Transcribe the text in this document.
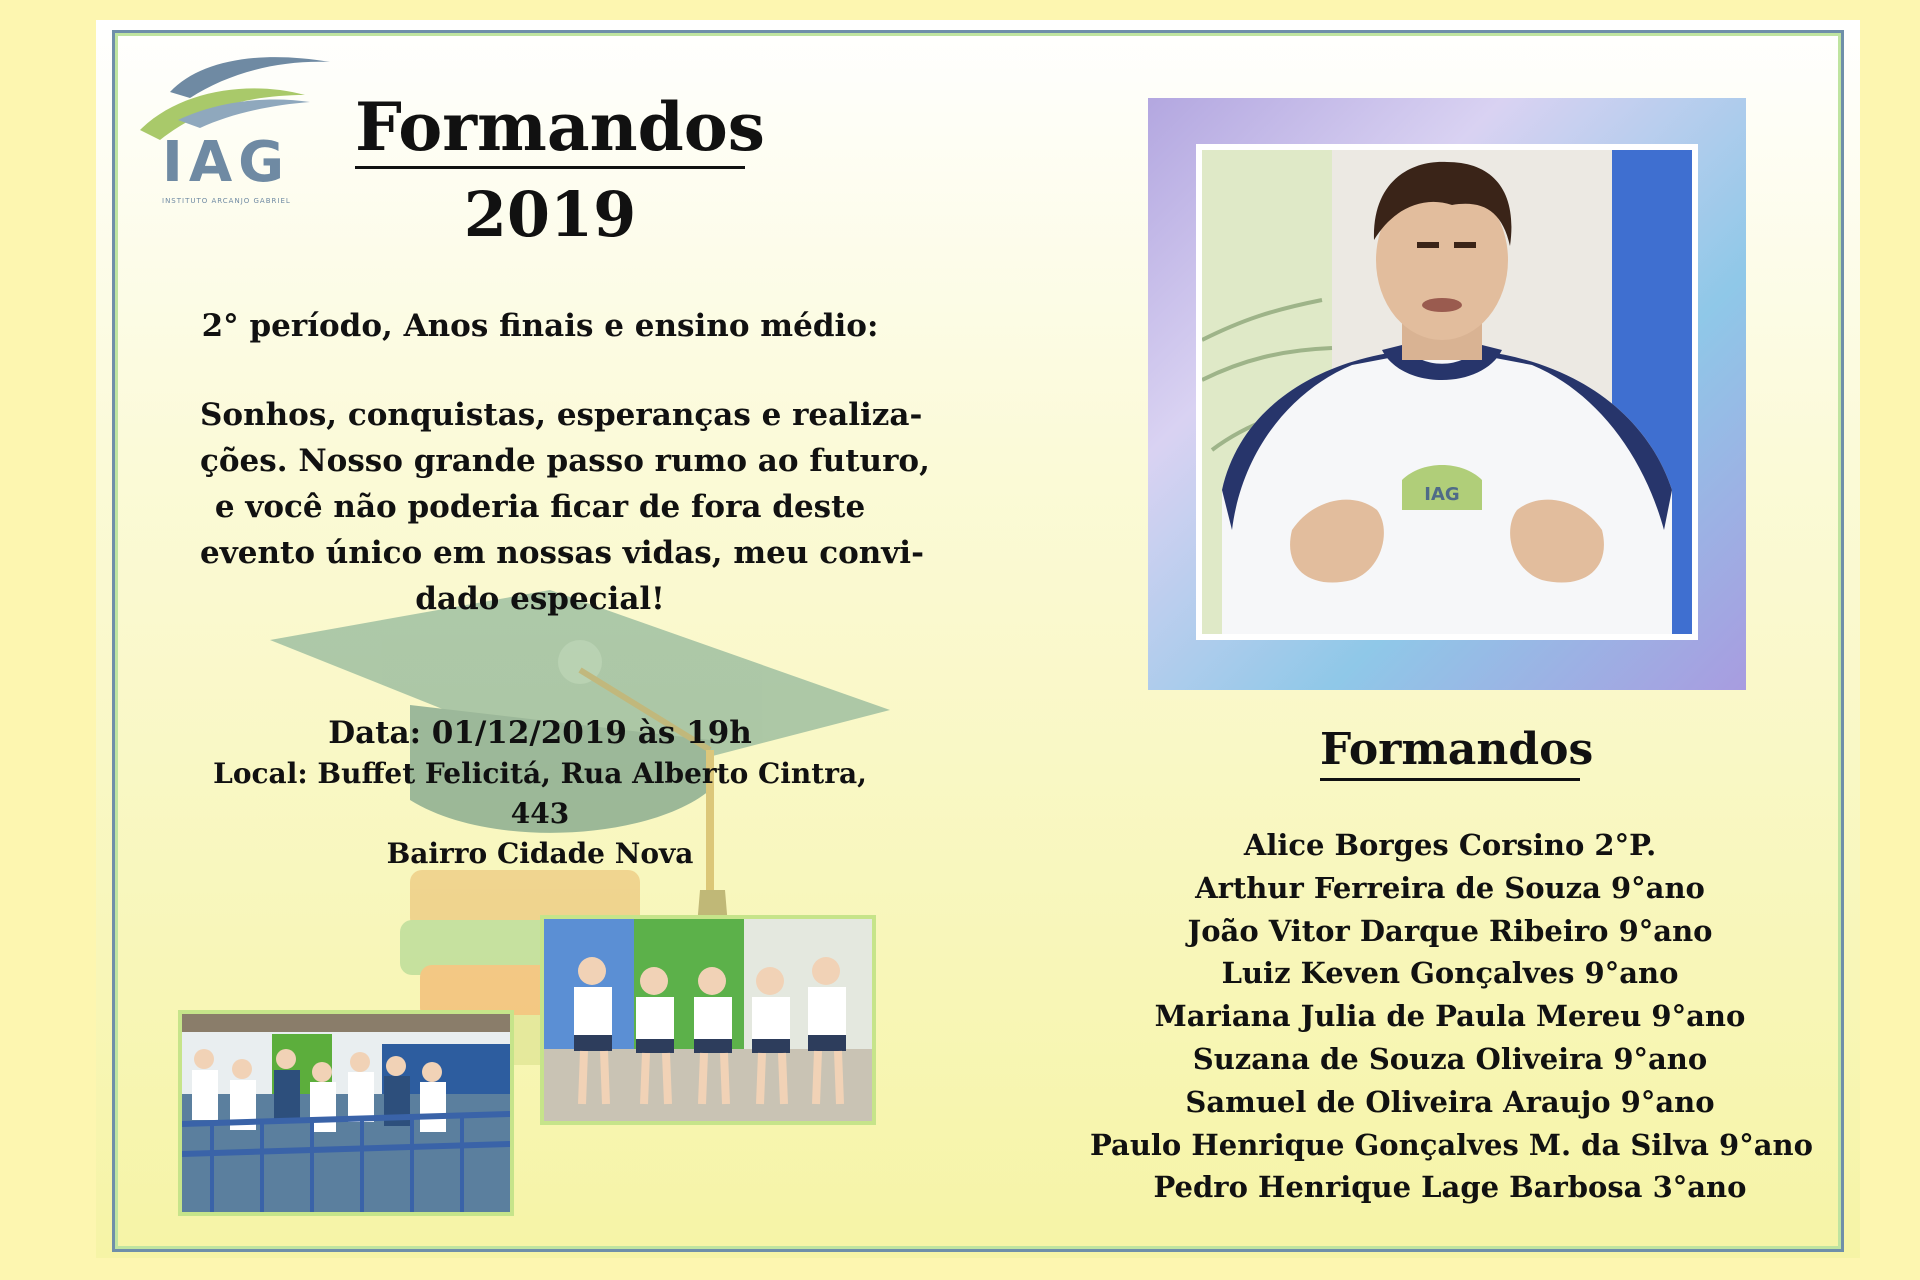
IAG
INSTITUTO ARCANJO GABRIEL
Formandos
2019
2° período, Anos finais e ensino médio:
Sonhos, conquistas, esperanças e realiza-
ções. Nosso grande passo rumo ao futuro,
e você não poderia ficar de fora deste
evento único em nossas vidas, meu convi-
dado especial!
Data: 01/12/2019 às 19h
Local: Buffet Felicitá, Rua Alberto Cintra, 443
Bairro Cidade Nova
IAG
Formandos
Alice Borges Corsino 2°P.
Arthur Ferreira de Souza 9°ano
João Vitor Darque Ribeiro 9°ano
Luiz Keven Gonçalves 9°ano
Mariana Julia de Paula Mereu 9°ano
Suzana de Souza Oliveira 9°ano
Samuel de Oliveira Araujo 9°ano
Paulo Henrique Gonçalves M. da Silva 9°ano
Pedro Henrique Lage Barbosa 3°ano
